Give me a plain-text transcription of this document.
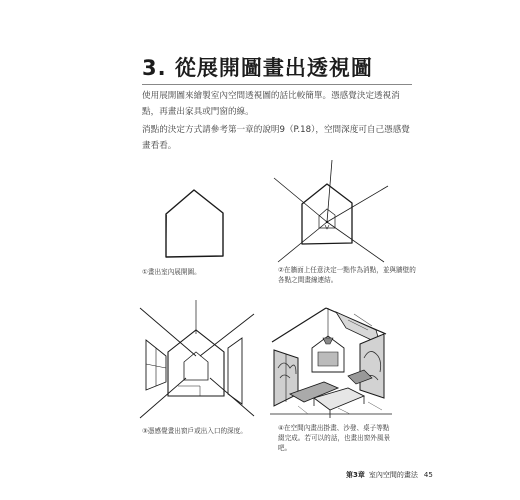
3. 從展開圖畫出透視圖

使用展開圖來繪製室內空間透視圖的話比較簡單。憑感覺決定透視消點，再畫出家具或門窗的線。

消點的決定方式請參考第一章的說明9（P.18），空間深度可自己憑感覺畫看看。

①畫出室內展開圖。	②在牆面上任意決定一點作為消點，並與牆壁的各點之間畫線連結。

③憑感覺畫出窗戶或出入口的深度。	④在空間內畫出掛畫、沙發、桌子等點綴完成。若可以的話，也畫出窗外風景吧。

第3章 室內空間的畫法 45
